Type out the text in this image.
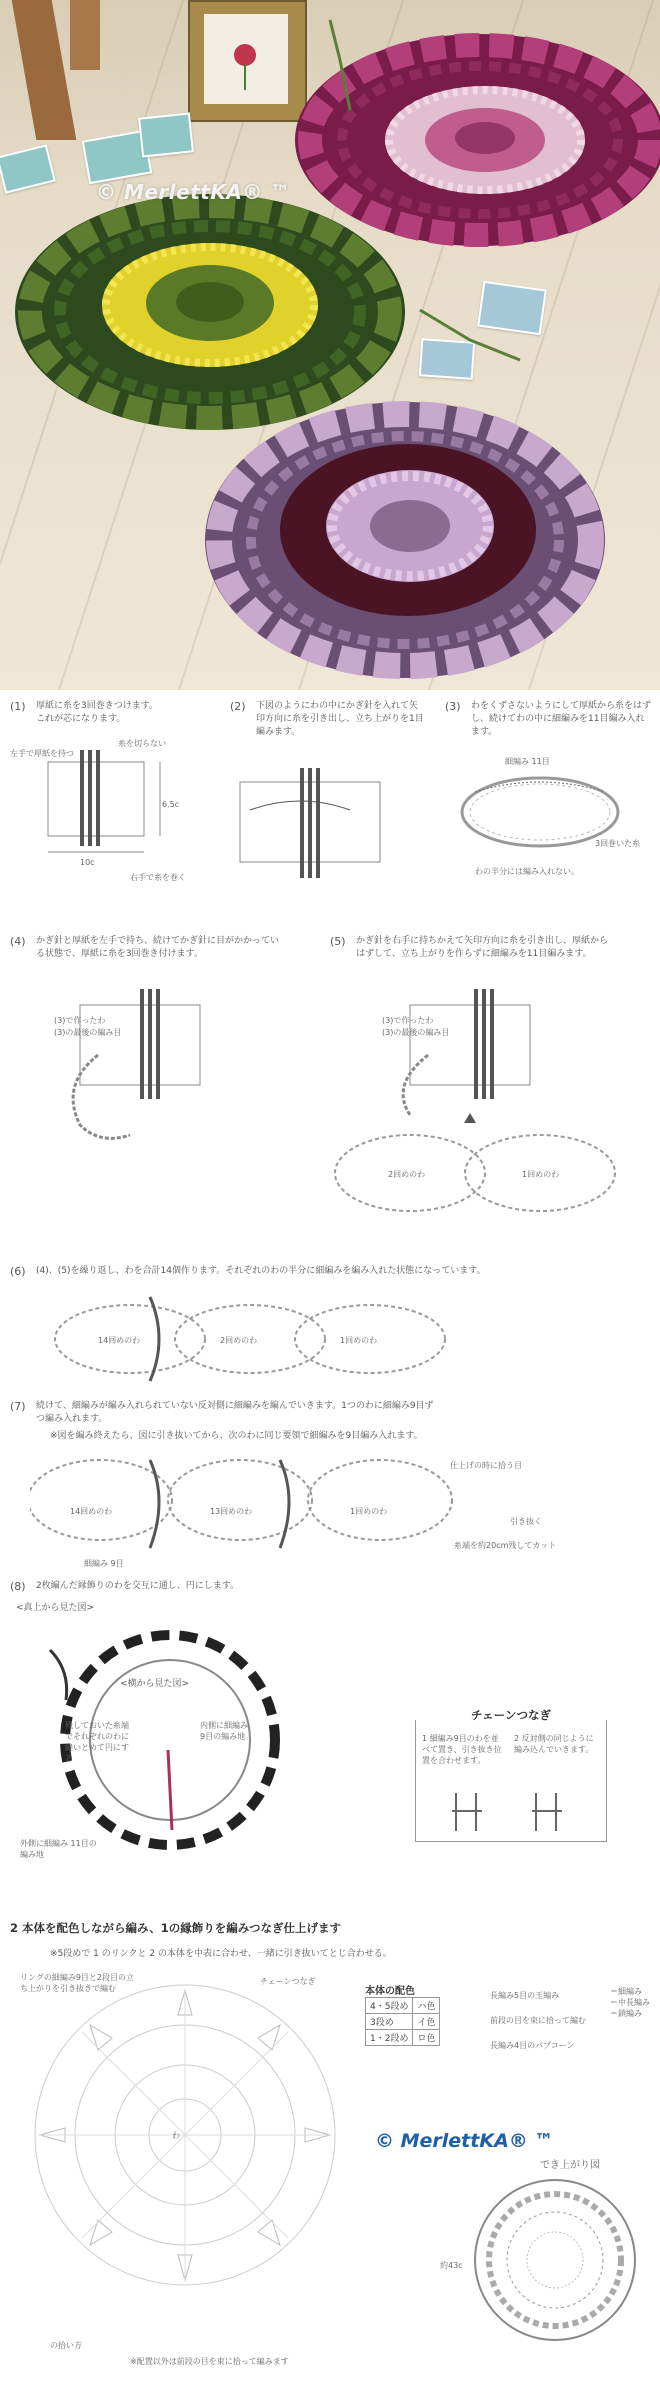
© MerlettKA® ™
(1) 厚紙に糸を3回巻きつけます。
これが芯になります。
左手で厚紙を持つ
糸を切らない
6.5c
10c
右手で糸を巻く
(2) 下図のようにわの中にかぎ針を入れて矢印方向に糸を引き出し、立ち上がりを1目編みます。
(3) わをくずさないようにして厚紙から糸をはずし、続けてわの中に細編みを11目編み入れます。
細編み 11目
3回巻いた糸
わの半分には編み入れない。
(4) かぎ針と厚紙を左手で持ち、続けてかぎ針に目がかかっている状態で、厚紙に糸を3回巻き付けます。
(3)で作ったわ
(3)の最後の編み目
(5) かぎ針を右手に持ちかえて矢印方向に糸を引き出し、厚紙からはずして、立ち上がりを作らずに細編みを11目編みます。
(3)で作ったわ
(3)の最後の編み目
2回めのわ	1回めのわ
(6) (4)、(5)を繰り返し、わを合計14個作ります。それぞれのわの半分に細編みを編み入れた状態になっています。
14回めのわ	2回めのわ	1回めのわ
(7) 続けて、細編みが編み入れられていない反対側に細編みを編んでいきます。1つのわに細編み9目ずつ編み入れます。
※図を編み終えたら、図に引き抜いてから、次のわに同じ要領で細編みを9目編み入れます。
14回めのわ	13回めのわ	1回めのわ
細編み 9目
仕上げの時に拾う目
引き抜く
糸端を約20cm残してカット
(8) 2枚編んだ縁飾りのわを交互に通し、円にします。
<真上から見た図>
<横から見た図>
残しておいた糸端でそれぞれのわに縫いとめて円にする
内側に細編み 9目の編み地
外側に細編み 11目の編み地
チェーンつなぎ
1 細編み9目のわを並べて置き、引き抜き位置を合わせます。
2 反対側の同じように編み込んでいきます。
2 本体を配色しながら編み、1の縁飾りを編みつなぎ仕上げます
※5段めで 1 のリンクと 2 の本体を中表に合わせ、一緒に引き抜いてとじ合わせる。
わ
リングの細編み9目と2段目の立ち上がりを引き抜きで編む
チェーンつなぎ
の拾い方
本体の配色
4・5段め	ハ色
3段め	イ色
1・2段め	ロ色
長編み5目の玉編み
前段の目を束に拾って編む
長編み4目のパプコーン
＝細編み
＝中長編み
＝鎖編み
© MerlettKA® ™
でき上がり図
約43c
※配置以外は前段の目を束に拾って編みます
